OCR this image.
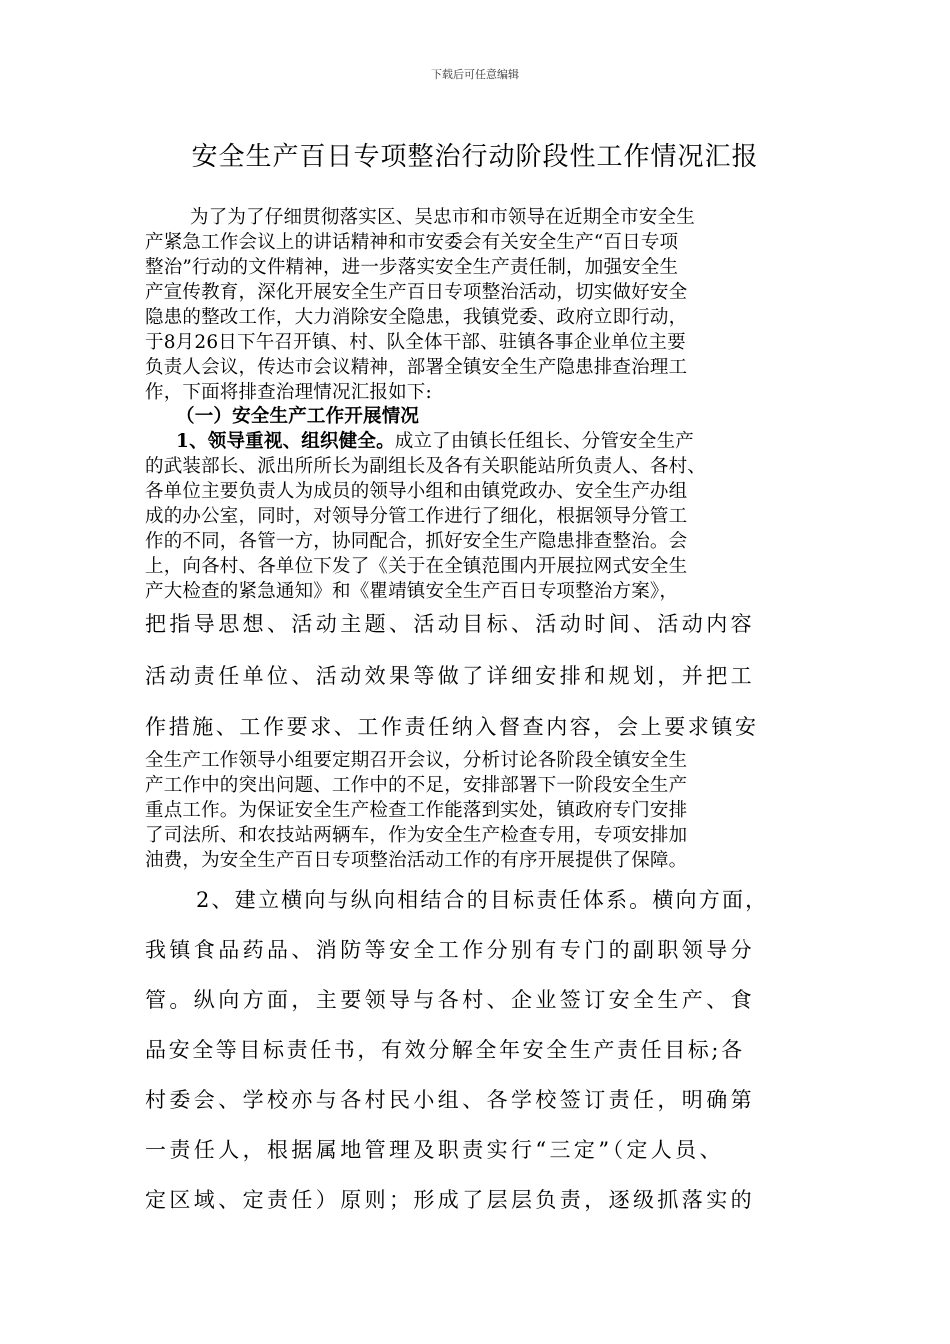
下载后可任意编辑
安全生产百日专项整治行动阶段性工作情况汇报
为了为了仔细贯彻落实区、吴忠市和市领导在近期全市安全生
产紧急工作会议上的讲话精神和市安委会有关安全生产“百日专项
整治”行动的文件精神，进一步落实安全生产责任制，加强安全生
产宣传教育，深化开展安全生产百日专项整治活动，切实做好安全
隐患的整改工作，大力消除安全隐患，我镇党委、政府立即行动，
于8月26日下午召开镇、村、队全体干部、驻镇各事企业单位主要
负责人会议，传达市会议精神，部署全镇安全生产隐患排查治理工
作，下面将排查治理情况汇报如下:
（一）安全生产工作开展情况
1、领导重视、组织健全。成立了由镇长任组长、分管安全生产
的武装部长、派出所所长为副组长及各有关职能站所负责人、各村、
各单位主要负责人为成员的领导小组和由镇党政办、安全生产办组
成的办公室，同时，对领导分管工作进行了细化，根据领导分管工
作的不同，各管一方，协同配合，抓好安全生产隐患排查整治。会
上，向各村、各单位下发了《关于在全镇范围内开展拉网式安全生
产大检查的紧急通知》和《瞿靖镇安全生产百日专项整治方案》，
把指导思想、活动主题、活动目标、活动时间、活动内容
活动责任单位、活动效果等做了详细安排和规划，并把工
作措施、工作要求、工作责任纳入督查内容，会上要求镇安
全生产工作领导小组要定期召开会议，分析讨论各阶段全镇安全生
产工作中的突出问题、工作中的不足，安排部署下一阶段安全生产
重点工作。为保证安全生产检查工作能落到实处，镇政府专门安排
了司法所、和农技站两辆车，作为安全生产检查专用，专项安排加
油费，为安全生产百日专项整治活动工作的有序开展提供了保障。
2、建立横向与纵向相结合的目标责任体系。横向方面，
我镇食品药品、消防等安全工作分别有专门的副职领导分
管。纵向方面，主要领导与各村、企业签订安全生产、食
品安全等目标责任书，有效分解全年安全生产责任目标;各
村委会、学校亦与各村民小组、各学校签订责任，明确第
一责任人，根据属地管理及职责实行“三定”（定人员、
定区域、定责任）原则；形成了层层负责，逐级抓落实的
